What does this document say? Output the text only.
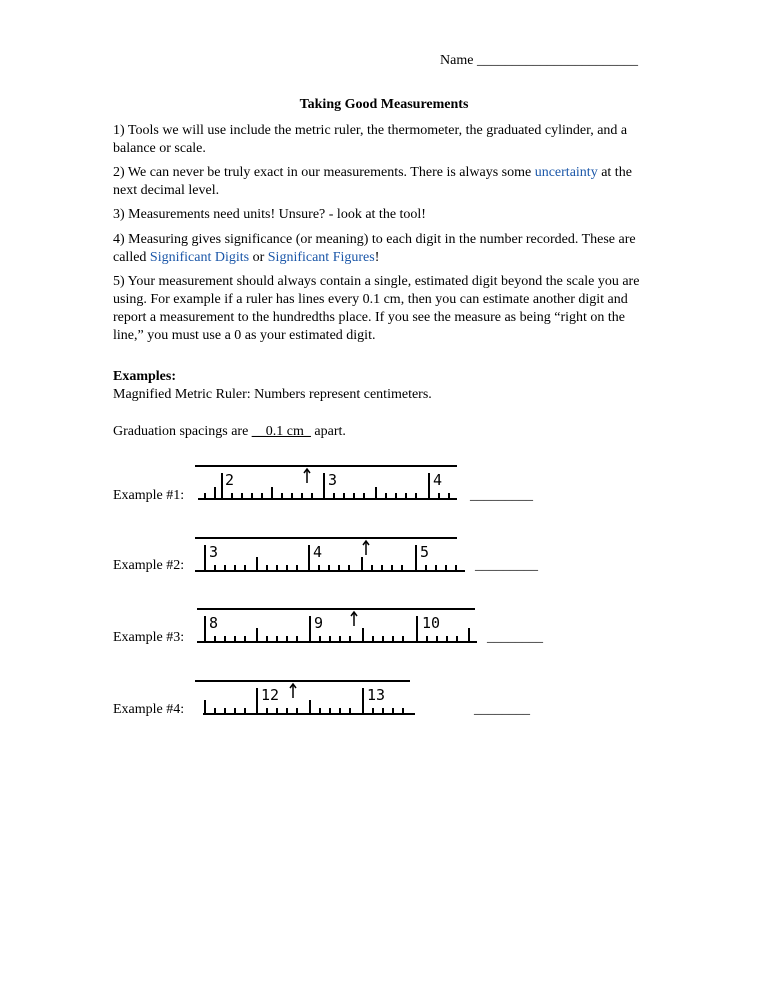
Name _______________________
Taking Good Measurements
1) Tools we will use include the metric ruler, the thermometer, the graduated cylinder, and a balance or scale.
2) We can never be truly exact in our measurements. There is always some uncertainty at the next decimal level.
3) Measurements need units! Unsure? - look at the tool!
4) Measuring gives significance (or meaning) to each digit in the number recorded. These are called Significant Digits or Significant Figures!
5) Your measurement should always contain a single, estimated digit beyond the scale you are using. For example if a ruler has lines every 0.1 cm, then you can estimate another digit and report a measurement to the hundredths place. If you see the measure as being “right on the line,” you must use a 0 as your estimated digit.
Examples:
Magnified Metric Ruler: Numbers represent centimeters.
Graduation spacings are __0.1 cm_ apart.
Example #1:	_________
2	3	4
Example #2:	_________
3	4	5
Example #3:	________
8	9	10
Example #4:	________
12	13
